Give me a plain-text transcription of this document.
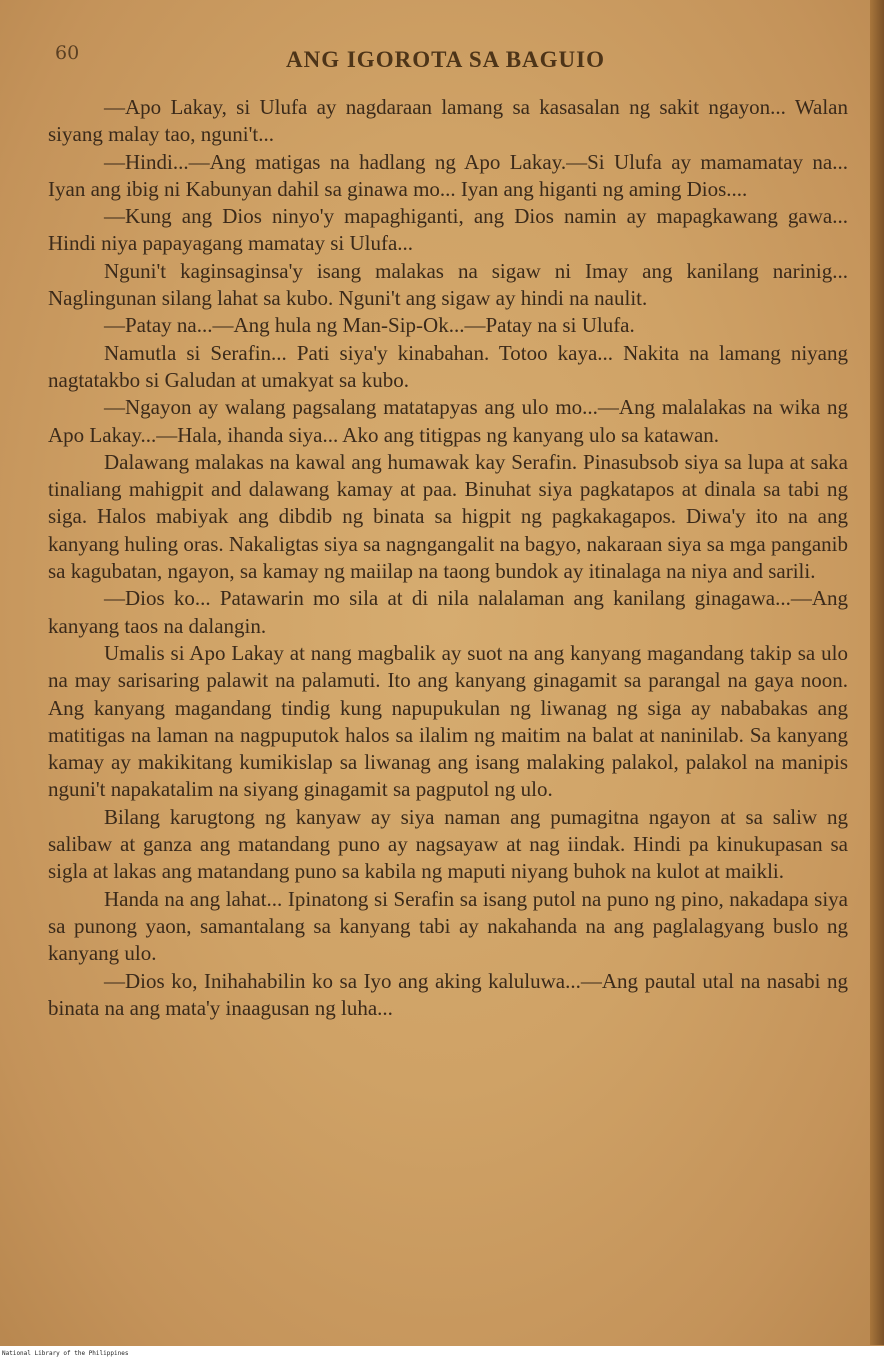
60	ANG IGOROTA SA BAGUIO

—Apo Lakay, si Ulufa ay nagdaraan lamang sa kasasalan ng sakit ngayon... Walan siyang malay tao, nguni't...

—Hindi...—Ang matigas na hadlang ng Apo Lakay.—Si Ulufa ay mamamatay na... Iyan ang ibig ni Kabunyan dahil sa ginawa mo... Iyan ang higanti ng aming Dios....

—Kung ang Dios ninyo'y mapaghiganti, ang Dios namin ay mapagkawang gawa... Hindi niya papayagang mamatay si Ulufa...

Nguni't kaginsaginsa'y isang malakas na sigaw ni Imay ang kanilang narinig... Naglingunan silang lahat sa kubo. Nguni't ang sigaw ay hindi na naulit.

—Patay na...—Ang hula ng Man-Sip-Ok...—Patay na si Ulufa.

Namutla si Serafin... Pati siya'y kinabahan. Totoo kaya... Nakita na lamang niyang nagtatakbo si Galudan at umakyat sa kubo.

—Ngayon ay walang pagsalang matatapyas ang ulo mo...—Ang malalakas na wika ng Apo Lakay...—Hala, ihanda siya... Ako ang titigpas ng kanyang ulo sa katawan.

Dalawang malakas na kawal ang humawak kay Serafin. Pinasubsob siya sa lupa at saka tinaliang mahigpit and dalawang kamay at paa. Binuhat siya pagkatapos at dinala sa tabi ng siga. Halos mabiyak ang dibdib ng binata sa higpit ng pagkakagapos. Diwa'y ito na ang kanyang huling oras. Nakaligtas siya sa nagngangalit na bagyo, nakaraan siya sa mga panganib sa kagubatan, ngayon, sa kamay ng maiilap na taong bundok ay itinalaga na niya and sarili.

—Dios ko... Patawarin mo sila at di nila nalalaman ang kanilang ginagawa...—Ang kanyang taos na dalangin.

Umalis si Apo Lakay at nang magbalik ay suot na ang kanyang magandang takip sa ulo na may sarisaring palawit na palamuti. Ito ang kanyang ginagamit sa parangal na gaya noon. Ang kanyang magandang tindig kung napupukulan ng liwanag ng siga ay nababakas ang matitigas na laman na nagpuputok halos sa ilalim ng maitim na balat at naninilab. Sa kanyang kamay ay makikitang kumikislap sa liwanag ang isang malaking palakol, palakol na manipis nguni't napakatalim na siyang ginagamit sa pagputol ng ulo.

Bilang karugtong ng kanyaw ay siya naman ang pumagitna ngayon at sa saliw ng salibaw at ganza ang matandang puno ay nagsayaw at nag iindak. Hindi pa kinukupasan sa sigla at lakas ang matandang puno sa kabila ng maputi niyang buhok na kulot at maikli.

Handa na ang lahat... Ipinatong si Serafin sa isang putol na puno ng pino, nakadapa siya sa punong yaon, samantalang sa kanyang tabi ay nakahanda na ang paglalagyang buslo ng kanyang ulo.

—Dios ko, Inihahabilin ko sa Iyo ang aking kaluluwa...—Ang pautal utal na nasabi ng binata na ang mata'y inaagusan ng luha...

National Library of the Philippines
